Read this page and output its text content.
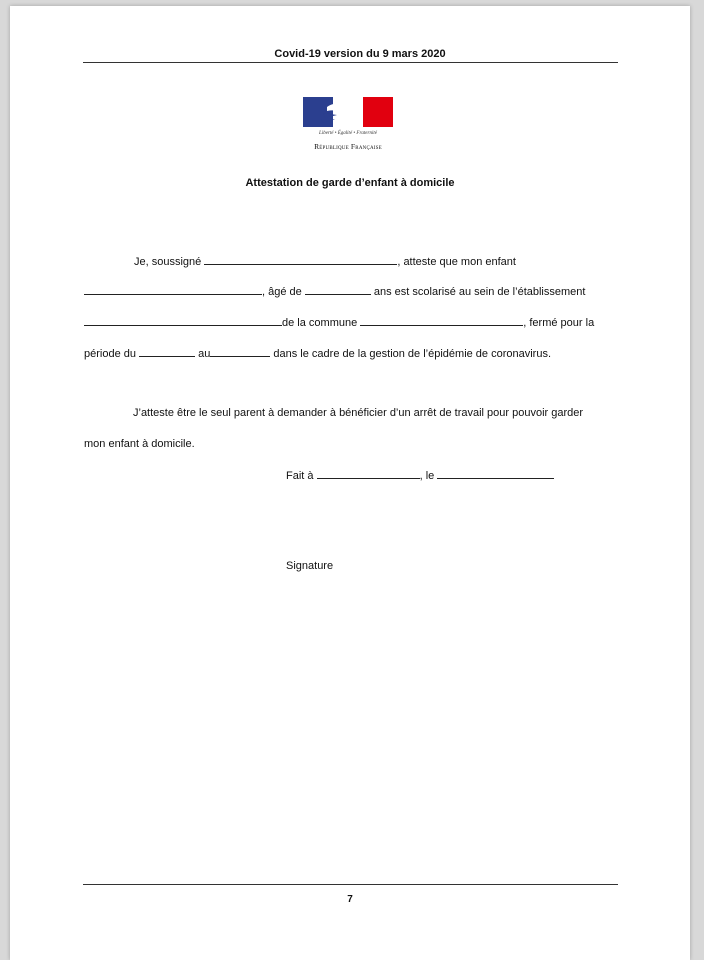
Covid-19 version du 9 mars 2020
Liberté • Égalité • Fraternité
République Française
Attestation de garde d’enfant à domicile
Je, soussigné	, atteste que mon enfant
, âgé de	ans est scolarisé au sein de l’établissement
de la commune	, fermé pour la
période du	au	dans le cadre de la gestion de l’épidémie de coronavirus.
J’atteste être le seul parent à demander à bénéficier d’un arrêt de travail pour pouvoir garder
mon enfant à domicile.
Fait à	, le
Signature
7
